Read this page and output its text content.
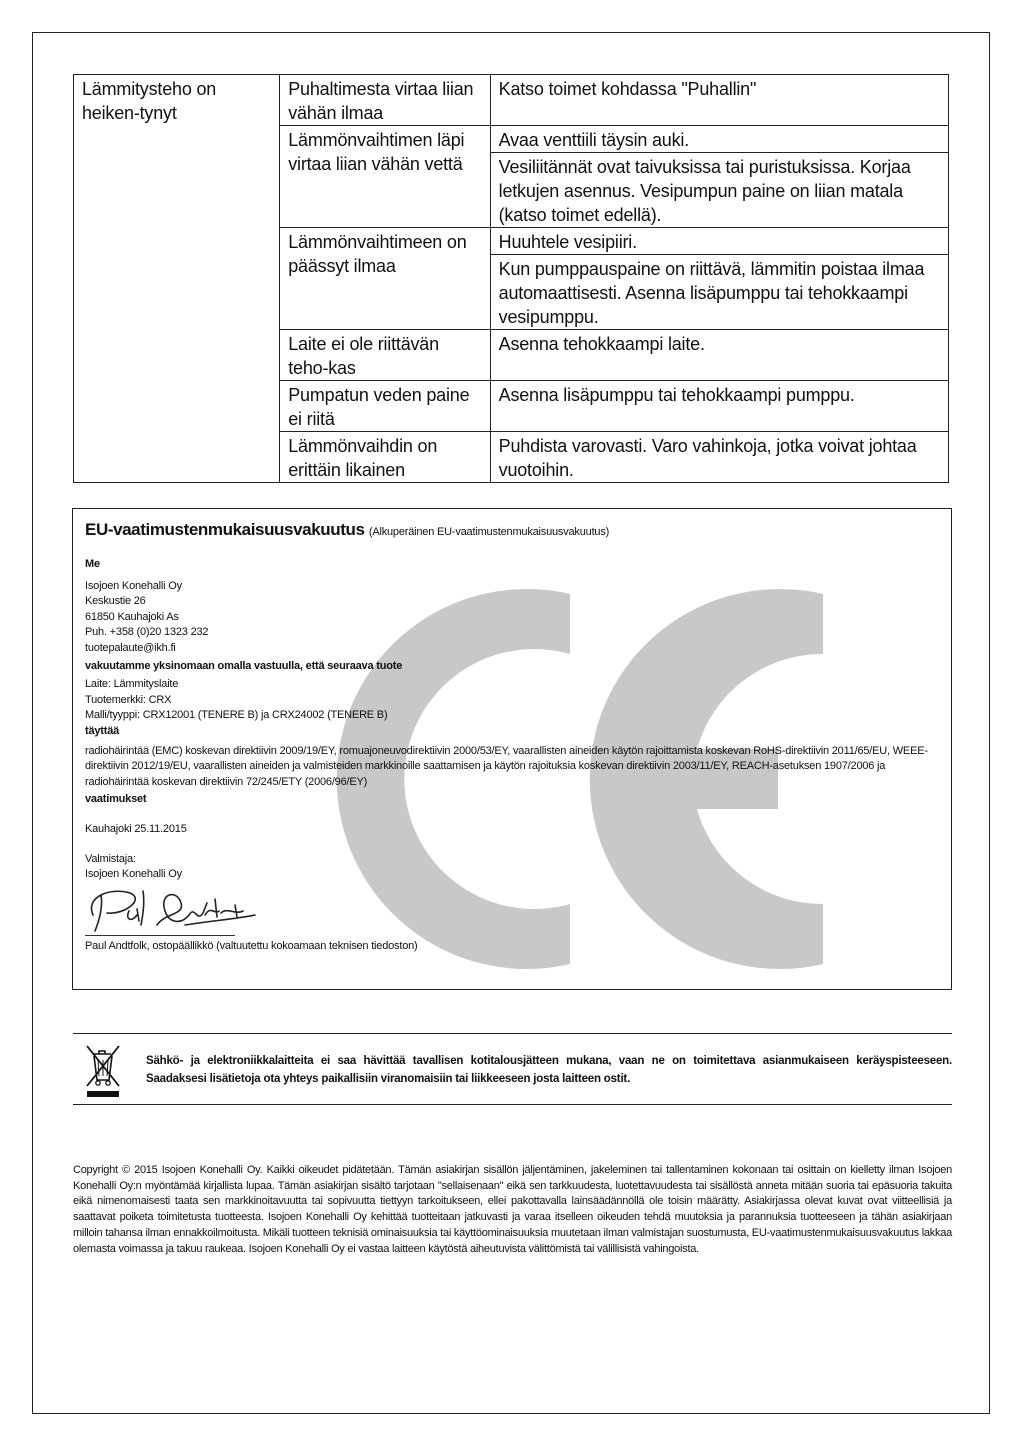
Lämmitysteho on heiken-tynyt	Puhaltimesta virtaa liian vähän ilmaa	Katso toimet kohdassa "Puhallin"
	Lämmönvaihtimen läpi virtaa liian vähän vettä	Avaa venttiili täysin auki.
		Vesiliitännät ovat taivuksissa tai puristuksissa. Korjaa letkujen asennus. Vesipumpun paine on liian matala (katso toimet edellä).
	Lämmönvaihtimeen on päässyt ilmaa	Huuhtele vesipiiri.
		Kun pumppauspaine on riittävä, lämmitin poistaa ilmaa automaattisesti. Asenna lisäpumppu tai tehokkaampi vesipumppu.
	Laite ei ole riittävän teho-kas	Asenna tehokkaampi laite.
	Pumpatun veden paine ei riitä	Asenna lisäpumppu tai tehokkaampi pumppu.
	Lämmönvaihdin on erittäin likainen	Puhdista varovasti. Varo vahinkoja, jotka voivat johtaa vuotoihin.
EU-vaatimustenmukaisuusvakuutus (Alkuperäinen EU-vaatimustenmukaisuusvakuutus)
Me
Isojoen Konehalli Oy
Keskustie 26
61850 Kauhajoki As
Puh. +358 (0)20 1323 232
tuotepalaute@ikh.fi
vakuutamme yksinomaan omalla vastuulla, että seuraava tuote
Laite: Lämmityslaite
Tuotemerkki: CRX
Malli/tyyppi: CRX12001 (TENERE B) ja CRX24002 (TENERE B)
täyttää
radiohäirintää (EMC) koskevan direktiivin 2009/19/EY, romuajoneuvodirektiivin 2000/53/EY, vaarallisten aineiden käytön rajoittamista koskevan RoHS-direktiivin 2011/65/EU, WEEE-direktiivin 2012/19/EU, vaarallisten aineiden ja valmisteiden markkinoille saattamisen ja käytön rajoituksia koskevan direktiivin 2003/11/EY, REACH-asetuksen 1907/2006 ja radiohäirintää koskevan direktiivin 72/245/ETY (2006/96/EY)
vaatimukset
Kauhajoki 25.11.2015
Valmistaja:
Isojoen Konehalli Oy
Paul Andtfolk, ostopäällikkö (valtuutettu kokoamaan teknisen tiedoston)
Sähkö- ja elektroniikkalaitteita ei saa hävittää tavallisen kotitalousjätteen mukana, vaan ne on toimitettava asianmukaiseen keräyspisteeseen. Saadaksesi lisätietoja ota yhteys paikallisiin viranomaisiin tai liikkeeseen josta laitteen ostit.
Copyright © 2015 Isojoen Konehalli Oy. Kaikki oikeudet pidätetään. Tämän asiakirjan sisällön jäljentäminen, jakeleminen tai tallentaminen kokonaan tai osittain on kielletty ilman Isojoen Konehalli Oy:n myöntämää kirjallista lupaa. Tämän asiakirjan sisältö tarjotaan "sellaisenaan" eikä sen tarkkuudesta, luotettavuudesta tai sisällöstä anneta mitään suoria tai epäsuoria takuita eikä nimenomaisesti taata sen markkinoitavuutta tai sopivuutta tiettyyn tarkoitukseen, ellei pakottavalla lainsäädännöllä ole toisin määrätty. Asiakirjassa olevat kuvat ovat viitteellisiä ja saattavat poiketa toimitetusta tuotteesta. Isojoen Konehalli Oy kehittää tuotteitaan jatkuvasti ja varaa itselleen oikeuden tehdä muutoksia ja parannuksia tuotteeseen ja tähän asiakirjaan milloin tahansa ilman ennakkoilmoitusta. Mikäli tuotteen teknisiä ominaisuuksia tai käyttöominaisuuksia muutetaan ilman valmistajan suostumusta, EU-vaatimustenmukaisuusvakuutus lakkaa olemasta voimassa ja takuu raukeaa. Isojoen Konehalli Oy ei vastaa laitteen käytöstä aiheutuvista välittömistä tai välillisistä vahingoista.
